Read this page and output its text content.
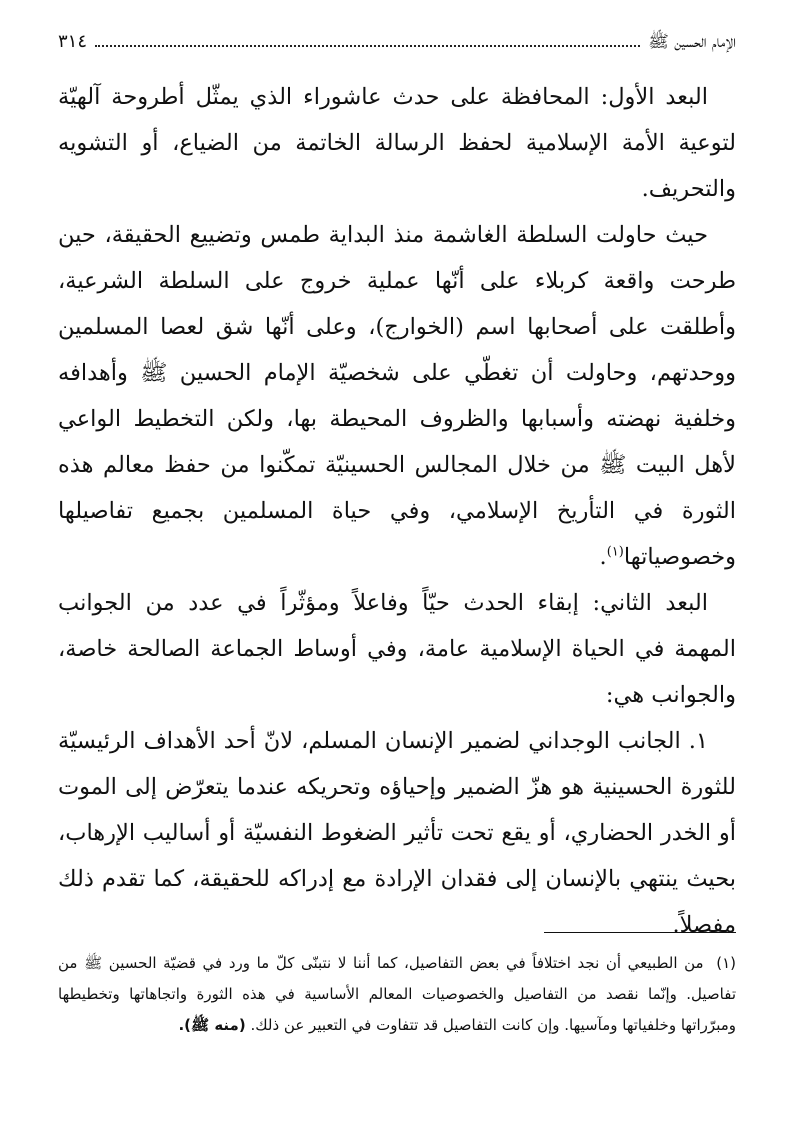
الإمام الحسين ﷺ
٣١٤

البعد الأول: المحافظة على حدث عاشوراء الذي يمثّل أطروحة آلهيّة لتوعية الأمة الإسلامية لحفظ الرسالة الخاتمة من الضياع، أو التشويه والتحريف.

حيث حاولت السلطة الغاشمة منذ البداية طمس وتضييع الحقيقة، حين طرحت واقعة كربلاء على أنّها عملية خروج على السلطة الشرعية، وأطلقت على أصحابها اسم (الخوارج)، وعلى أنّها شق لعصا المسلمين ووحدتهم، وحاولت أن تغطّي على شخصيّة الإمام الحسين ﷺ وأهدافه وخلفية نهضته وأسبابها والظروف المحيطة بها، ولكن التخطيط الواعي لأهل البيت ﷺ من خلال المجالس الحسينيّة تمكّنوا من حفظ معالم هذه الثورة في التأريخ الإسلامي، وفي حياة المسلمين بجميع تفاصيلها وخصوصياتها$^{(١)}$.

البعد الثاني: إبقاء الحدث حيّاً وفاعلاً ومؤثّراً في عدد من الجوانب المهمة في الحياة الإسلامية عامة، وفي أوساط الجماعة الصالحة خاصة، والجوانب هي:

١. الجانب الوجداني لضمير الإنسان المسلم، لانّ أحد الأهداف الرئيسيّة للثورة الحسينية هو هزّ الضمير وإحياؤه وتحريكه عندما يتعرّض إلى الموت أو الخدر الحضاري، أو يقع تحت تأثير الضغوط النفسيّة أو أساليب الإرهاب، بحيث ينتهي بالإنسان إلى فقدان الإرادة مع إدراكه للحقيقة، كما تقدم ذلك مفصلاً.

(١) من الطبيعي أن نجد اختلافاً في بعض التفاصيل، كما أننا لا نتبنّى كلّ ما ورد في قضيّة الحسين ﷺ من تفاصيل. وإنّما نقصد من التفاصيل والخصوصيات المعالم الأساسية في هذه الثورة واتجاهاتها وتخطيطها ومبرّراتها وخلفياتها ومآسيها. وإن كانت التفاصيل قد تتفاوت في التعبير عن ذلك. (منه ﷺ).
